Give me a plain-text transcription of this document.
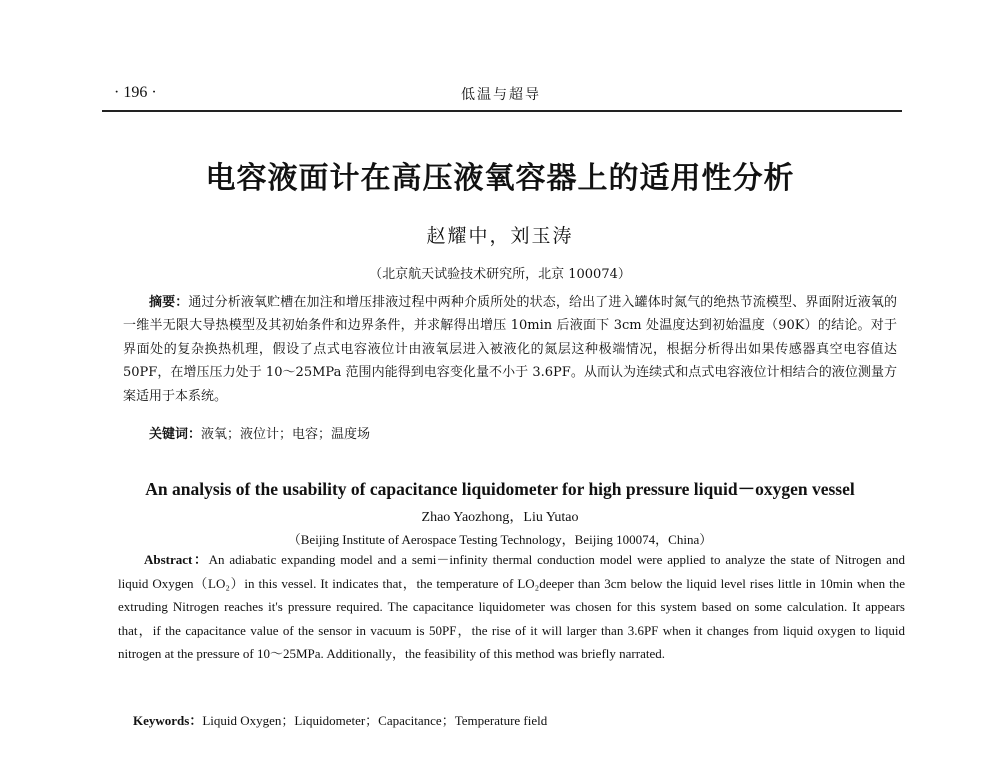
· 196 ·	低温与超导
电容液面计在高压液氧容器上的适用性分析
赵耀中，刘玉涛
（北京航天试验技术研究所，北京 100074）

摘要：通过分析液氧贮槽在加注和增压排液过程中两种介质所处的状态，给出了进入罐体时氮气的绝热节流模型、界面附近液氧的一维半无限大导热模型及其初始条件和边界条件，并求解得出增压 10min 后液面下 3cm 处温度达到初始温度（90K）的结论。对于界面处的复杂换热机理，假设了点式电容液位计由液氧层进入被液化的氮层这种极端情况，根据分析得出如果传感器真空电容值达 50PF，在增压压力处于 10～25MPa 范围内能得到电容变化量不小于 3.6PF。从而认为连续式和点式电容液位计相结合的液位测量方案适用于本系统。

关键词：液氧；液位计；电容；温度场
An analysis of the usability of capacitance liquidometer for high pressure liquid－oxygen vessel
Zhao Yaozhong，Liu Yutao
（Beijing Institute of Aerospace Testing Technology，Beijing 100074，China）

Abstract：An adiabatic expanding model and a semi－infinity thermal conduction model were applied to analyze the state of Nitrogen and liquid Oxygen（LO₂）in this vessel. It indicates that，the temperature of LO₂deeper than 3cm below the liquid level rises little in 10min when the extruding Nitrogen reaches it's pressure required. The capacitance liquidometer was chosen for this system based on some calculation. It appears that，if the capacitance value of the sensor in vacuum is 50PF，the rise of it will larger than 3.6PF when it changes from liquid oxygen to liquid nitrogen at the pressure of 10～25MPa. Additionally，the feasibility of this method was briefly narrated.

Keywords：Liquid Oxygen；Liquidometer；Capacitance；Temperature field
